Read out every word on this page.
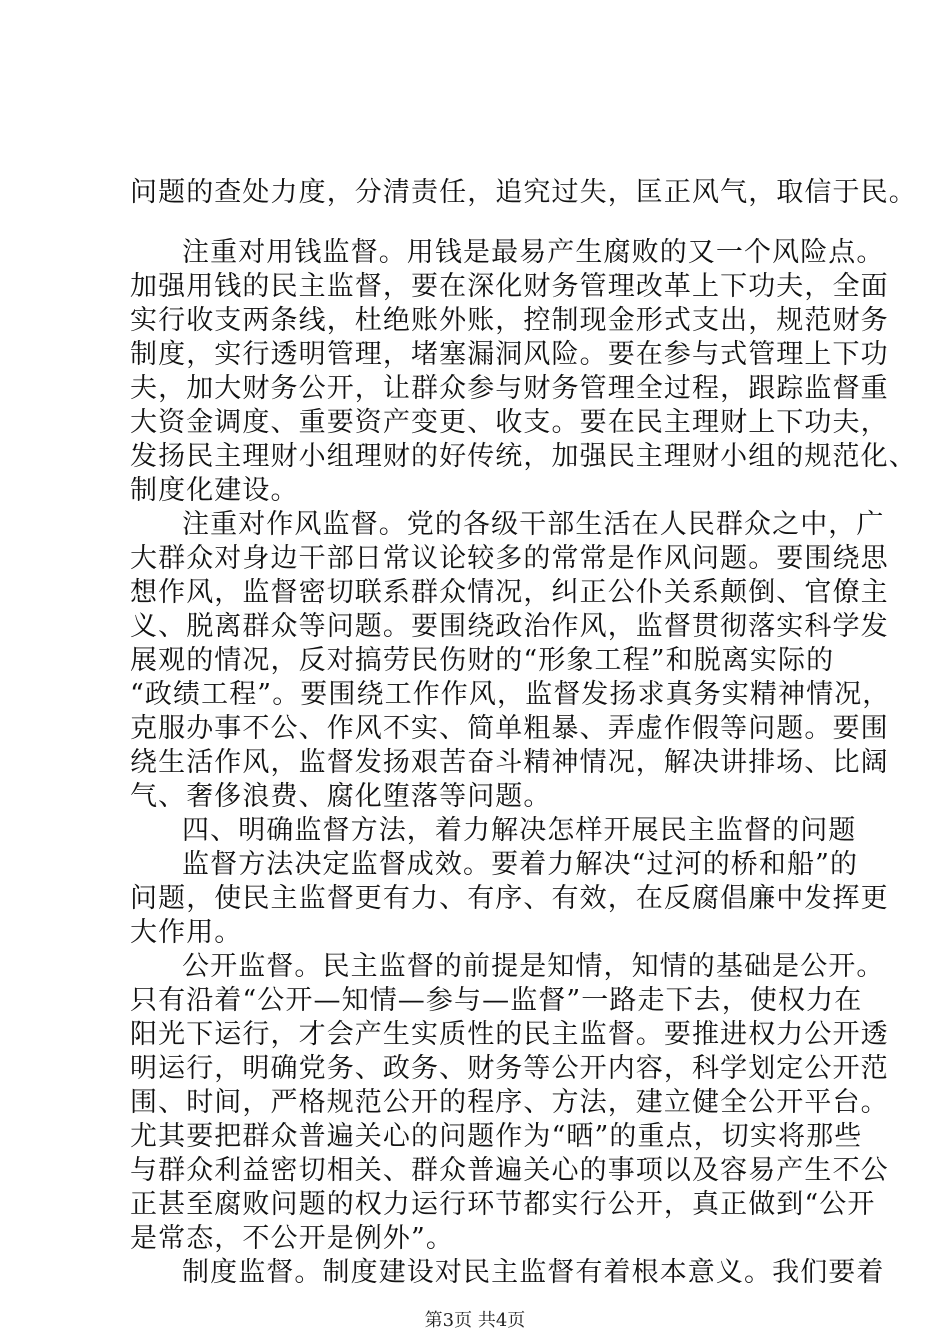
问题的查处力度，分清责任，追究过失，匡正风气，取信于民。
注重对用钱监督。用钱是最易产生腐败的又一个风险点。
加强用钱的民主监督，要在深化财务管理改革上下功夫，全面
实行收支两条线，杜绝账外账，控制现金形式支出，规范财务
制度，实行透明管理，堵塞漏洞风险。要在参与式管理上下功
夫，加大财务公开，让群众参与财务管理全过程，跟踪监督重
大资金调度、重要资产变更、收支。要在民主理财上下功夫，
发扬民主理财小组理财的好传统，加强民主理财小组的规范化、
制度化建设。
注重对作风监督。党的各级干部生活在人民群众之中，广
大群众对身边干部日常议论较多的常常是作风问题。要围绕思
想作风，监督密切联系群众情况，纠正公仆关系颠倒、官僚主
义、脱离群众等问题。要围绕政治作风，监督贯彻落实科学发
展观的情况，反对搞劳民伤财的“形象工程”和脱离实际的
“政绩工程”。要围绕工作作风，监督发扬求真务实精神情况，
克服办事不公、作风不实、简单粗暴、弄虚作假等问题。要围
绕生活作风，监督发扬艰苦奋斗精神情况，解决讲排场、比阔
气、奢侈浪费、腐化堕落等问题。
四、明确监督方法，着力解决怎样开展民主监督的问题
监督方法决定监督成效。要着力解决“过河的桥和船”的
问题，使民主监督更有力、有序、有效，在反腐倡廉中发挥更
大作用。
公开监督。民主监督的前提是知情，知情的基础是公开。
只有沿着“公开—知情—参与—监督”一路走下去，使权力在
阳光下运行，才会产生实质性的民主监督。要推进权力公开透
明运行，明确党务、政务、财务等公开内容，科学划定公开范
围、时间，严格规范公开的程序、方法，建立健全公开平台。
尤其要把群众普遍关心的问题作为“晒”的重点，切实将那些
与群众利益密切相关、群众普遍关心的事项以及容易产生不公
正甚至腐败问题的权力运行环节都实行公开，真正做到“公开
是常态，不公开是例外”。
制度监督。制度建设对民主监督有着根本意义。我们要着
第3页 共4页
